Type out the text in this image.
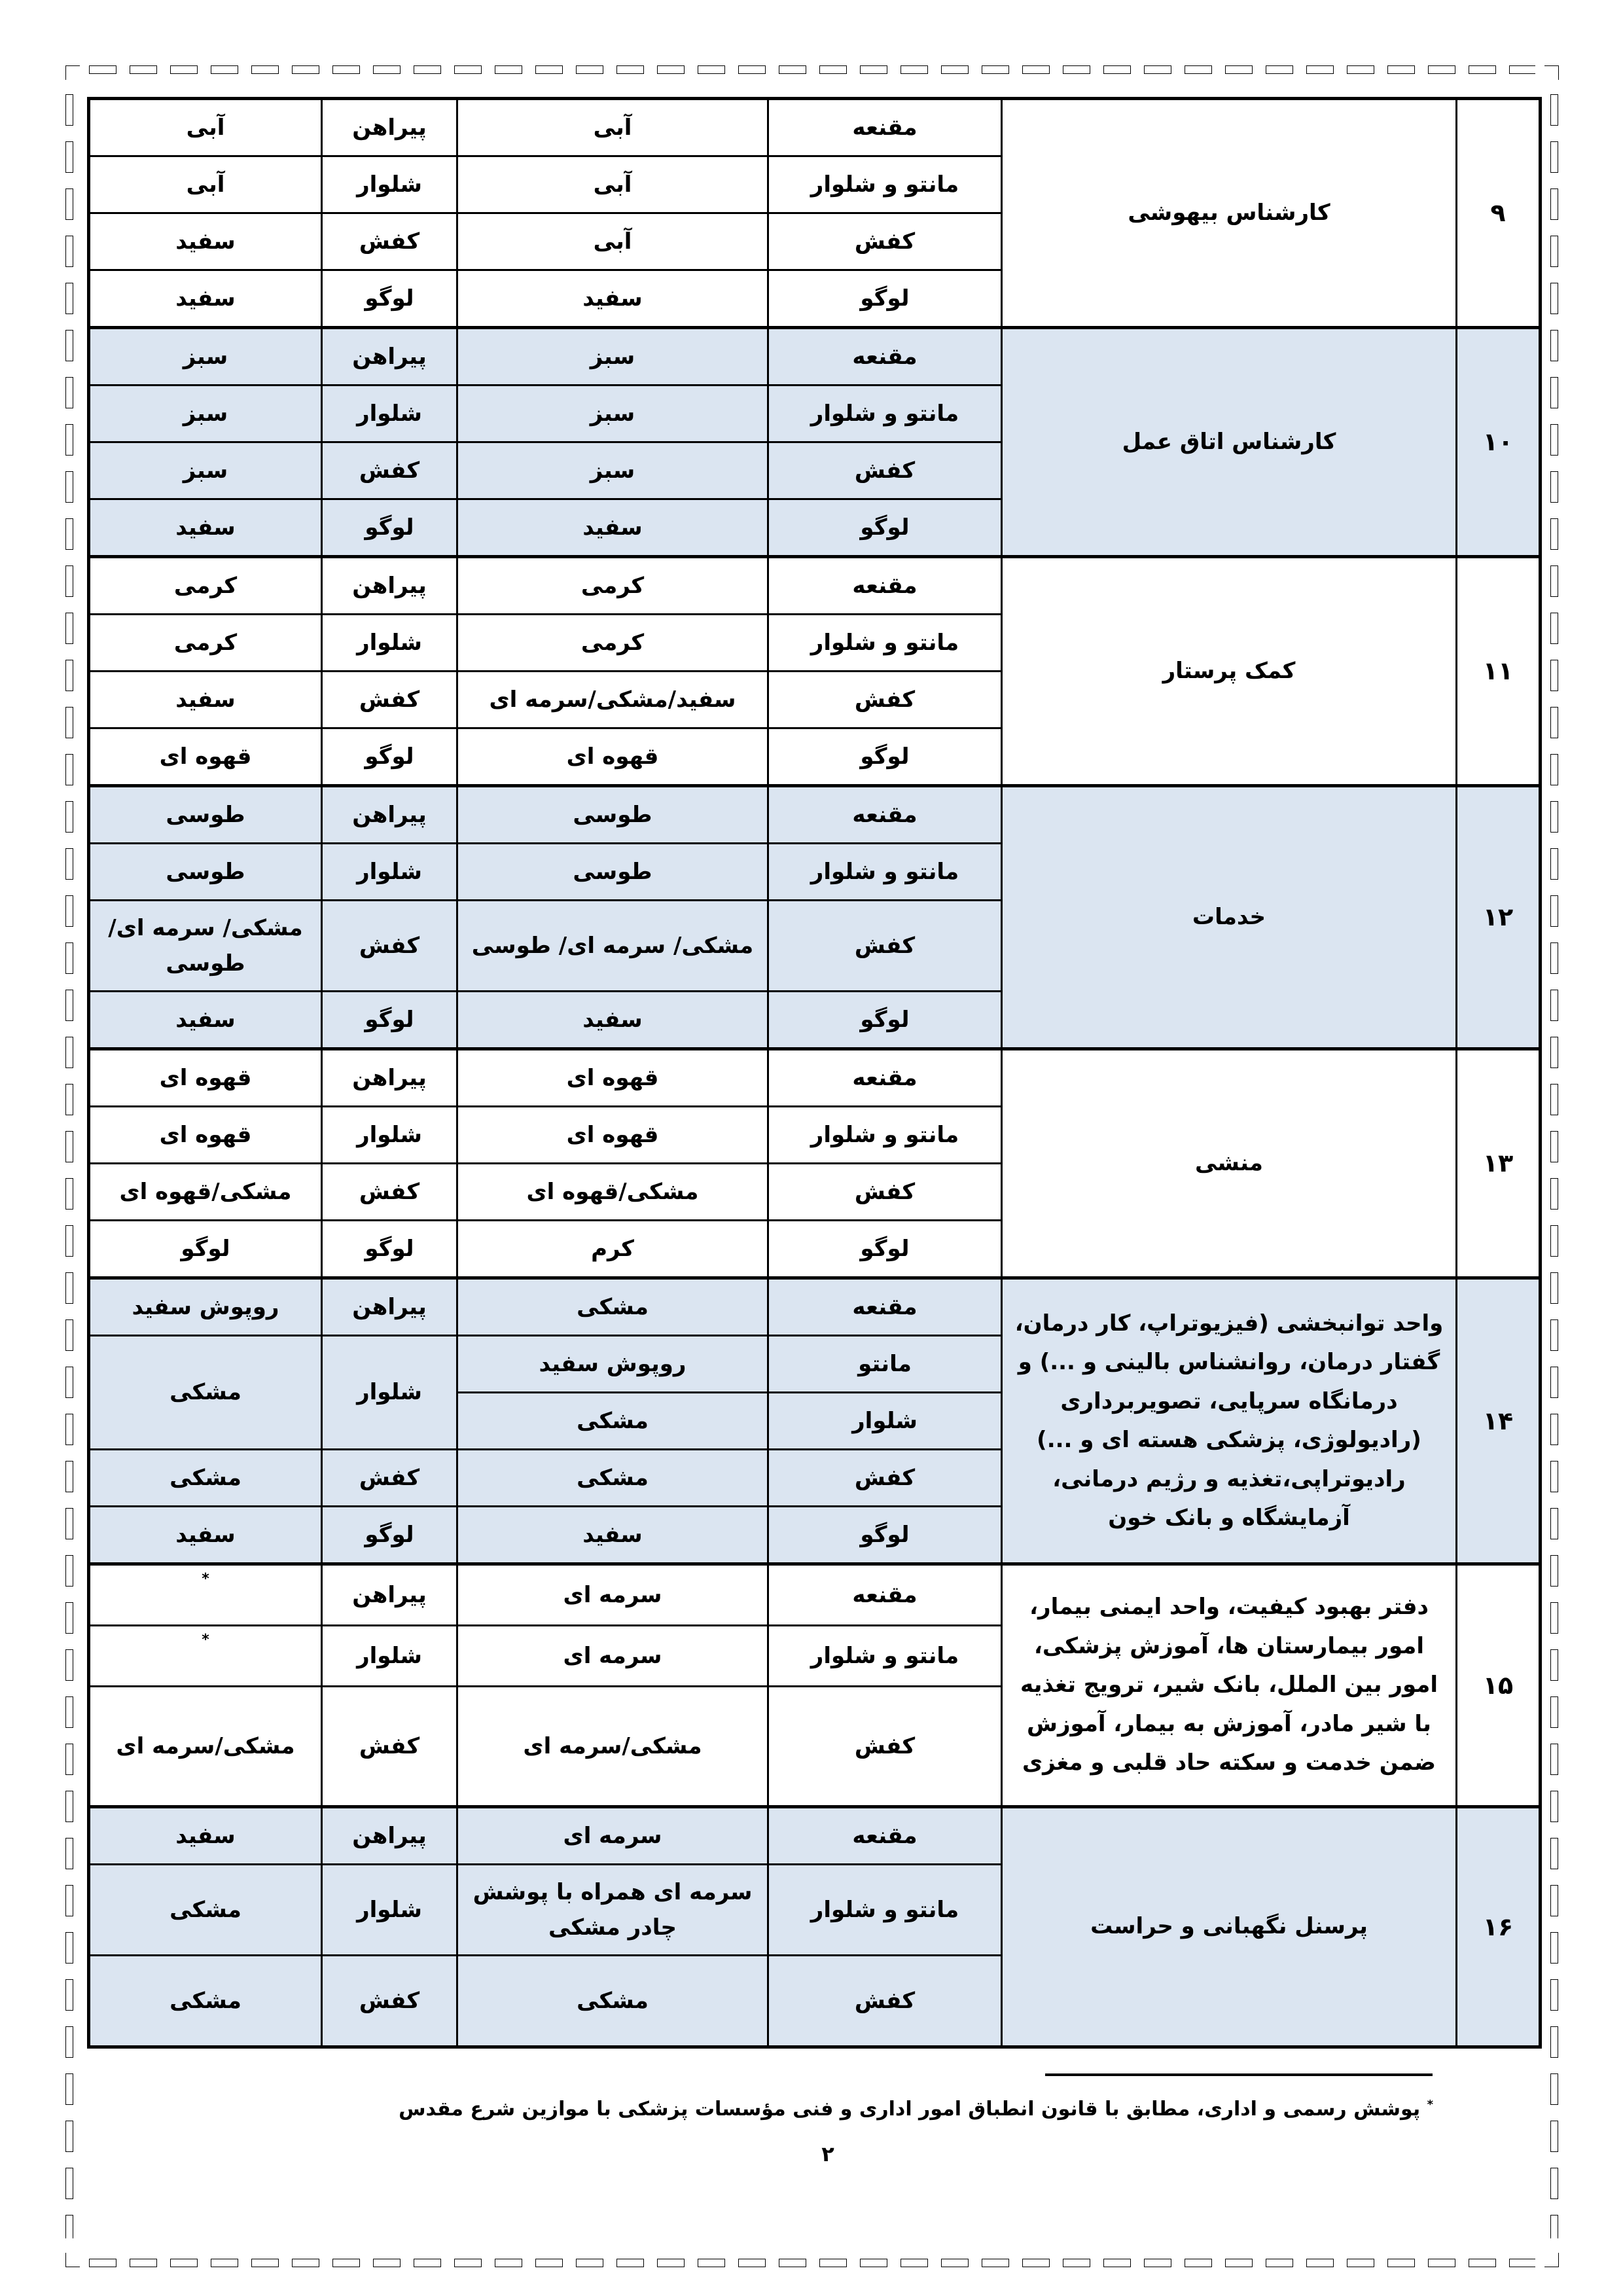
۹	کارشناس بیهوشی	مقنعه	آبی	پیراهن	آبی
		مانتو و شلوار	آبی	شلوار	آبی
		کفش	آبی	کفش	سفید
		لوگو	سفید	لوگو	سفید
۱۰	کارشناس اتاق عمل	مقنعه	سبز	پیراهن	سبز
		مانتو و شلوار	سبز	شلوار	سبز
		کفش	سبز	کفش	سبز
		لوگو	سفید	لوگو	سفید
۱۱	کمک پرستار	مقنعه	کرمی	پیراهن	کرمی
		مانتو و شلوار	کرمی	شلوار	کرمی
		کفش	سفید/مشکی/سرمه ای	کفش	سفید
		لوگو	قهوه ای	لوگو	قهوه ای
۱۲	خدمات	مقنعه	طوسی	پیراهن	طوسی
		مانتو و شلوار	طوسی	شلوار	طوسی
		کفش	مشکی/ سرمه ای/ طوسی	کفش	مشکی/ سرمه ای/ طوسی
		لوگو	سفید	لوگو	سفید
۱۳	منشی	مقنعه	قهوه ای	پیراهن	قهوه ای
		مانتو و شلوار	قهوه ای	شلوار	قهوه ای
		کفش	مشکی/قهوه ای	کفش	مشکی/قهوه ای
		لوگو	کرم	لوگو	لوگو
۱۴	واحد توانبخشی (فیزیوتراپ، کار درمان، گفتار درمان، روانشناس بالینی و ...) و درمانگاه سرپایی، تصویربرداری (رادیولوژی، پزشکی هسته ای و ...) رادیوتراپی،تغذیه و رژیم درمانی، آزمایشگاه و بانک خون	مقنعه	مشکی	پیراهن	روپوش سفید
		مانتو	روپوش سفید	شلوار	مشکی
		شلوار	مشکی		
		کفش	مشکی	کفش	مشکی
		لوگو	سفید	لوگو	سفید
۱۵	دفتر بهبود کیفیت، واحد ایمنی بیمار، امور بیمارستان ها، آموزش پزشکی، امور بین الملل، بانک شیر، ترویج تغذیه با شیر مادر، آموزش به بیمار، آموزش ضمن خدمت و سکته حاد قلبی و مغزی	مقنعه	سرمه ای	پیراهن	*
		مانتو و شلوار	سرمه ای	شلوار	*
		کفش	مشکی/سرمه ای	کفش	مشکی/سرمه ای
۱۶	پرسنل نگهبانی و حراست	مقنعه	سرمه ای	پیراهن	سفید
		مانتو و شلوار	سرمه ای همراه با پوشش چادر مشکی	شلوار	مشکی
		کفش	مشکی	کفش	مشکی
* پوشش رسمی و اداری، مطابق با قانون انطباق امور اداری و فنی مؤسسات پزشکی با موازین شرع مقدس
۲
